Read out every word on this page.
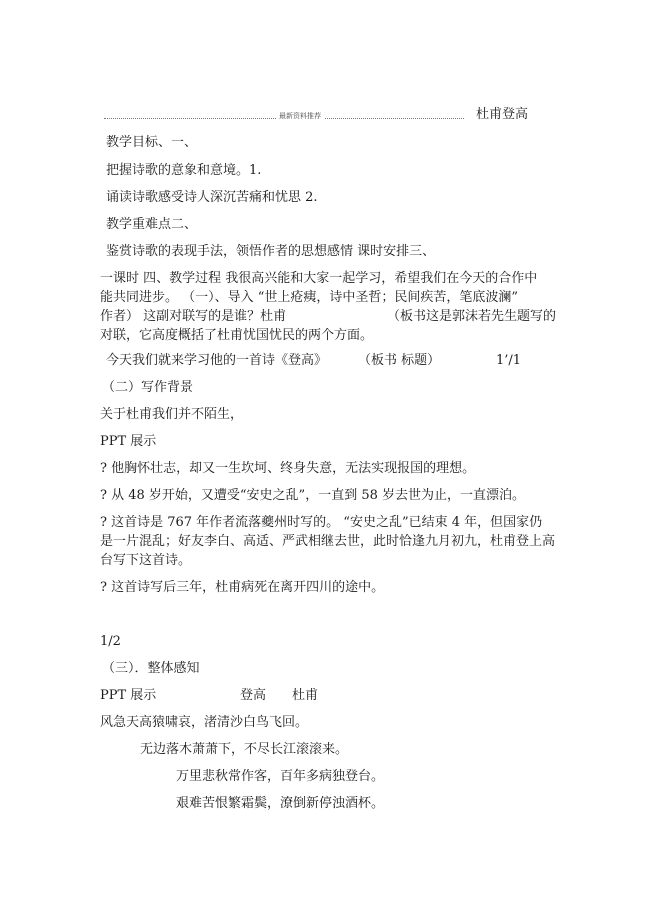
最新资料推荐	杜甫登高
教学目标、一、
把握诗歌的意象和意境。1.
诵读诗歌感受诗人深沉苦痛和忧思 2.
教学重难点二、
鉴赏诗歌的表现手法，领悟作者的思想感情 课时安排三、
一课时 四、教学过程 我很高兴能和大家一起学习，希望我们在今天的合作中
能共同进步。 （一）、导入 “世上疮痍，诗中圣哲；民间疾苦，笔底波澜”
作者） 这副对联写的是谁？杜甫	（板书这是郭沫若先生题写的
对联，它高度概括了杜甫忧国忧民的两个方面。
今天我们就来学习他的一首诗《登高》 （板书 标题）	1’/1
（二）写作背景
关于杜甫我们并不陌生，
PPT 展示
? 他胸怀壮志，却又一生坎坷、终身失意，无法实现报国的理想。
? 从 48 岁开始，又遭受“安史之乱”，一直到 58 岁去世为止，一直漂泊。
? 这首诗是 767 年作者流落夔州时写的。 “安史之乱”已结束 4 年，但国家仍
是一片混乱；好友李白、高适、严武相继去世，此时恰逢九月初九，杜甫登上高
台写下这首诗。
? 这首诗写后三年，杜甫病死在离开四川的途中。
1/2
（三）．整体感知
PPT 展示	登高 杜甫
风急天高猿啸哀，渚清沙白鸟飞回。
无边落木萧萧下，不尽长江滚滚来。
万里悲秋常作客，百年多病独登台。
艰难苦恨繁霜鬓，潦倒新停浊酒杯。
